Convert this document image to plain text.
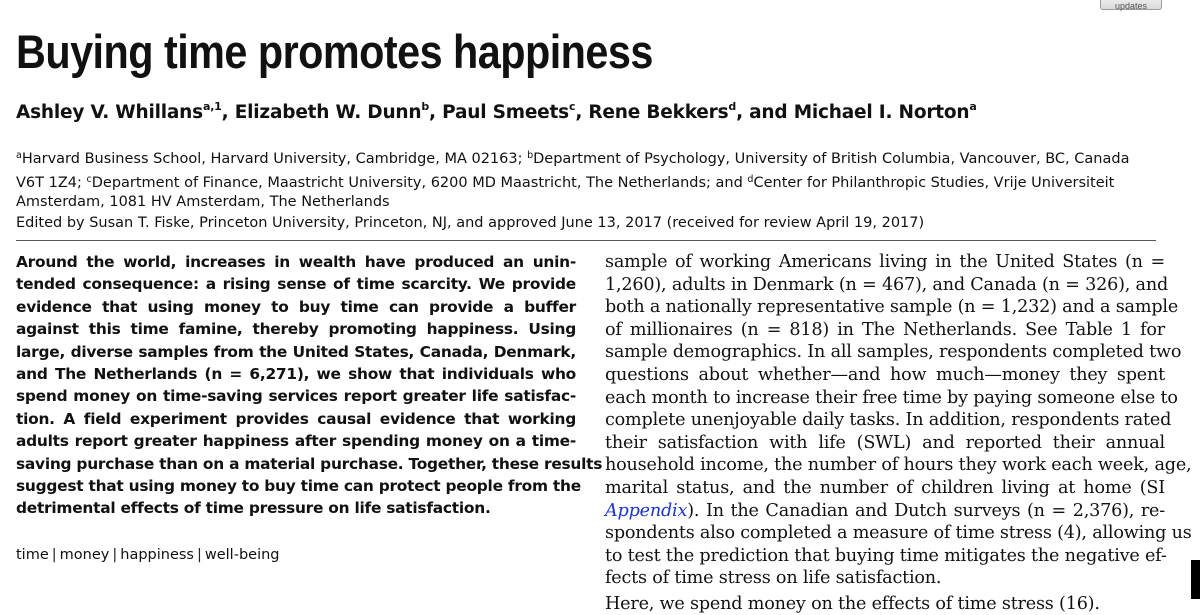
updates
Buying time promotes happiness
Ashley V. Whillans$^{a,1}$, Elizabeth W. Dunn$^b$, Paul Smeets$^c$, Rene Bekkers$^d$, and Michael I. Norton$^a$
$^a$Harvard Business School, Harvard University, Cambridge, MA 02163; $^b$Department of Psychology, University of British Columbia, Vancouver, BC, Canada V6T 1Z4; $^c$Department of Finance, Maastricht University, 6200 MD Maastricht, The Netherlands; and $^d$Center for Philanthropic Studies, Vrije Universiteit Amsterdam, 1081 HV Amsterdam, The Netherlands
Edited by Susan T. Fiske, Princeton University, Princeton, NJ, and approved June 13, 2017 (received for review April 19, 2017)
Around the world, increases in wealth have produced an unin-
tended consequence: a rising sense of time scarcity. We provide
evidence that using money to buy time can provide a buffer
against this time famine, thereby promoting happiness. Using
large, diverse samples from the United States, Canada, Denmark,
and The Netherlands (n = 6,271), we show that individuals who
spend money on time-saving services report greater life satisfac-
tion. A field experiment provides causal evidence that working
adults report greater happiness after spending money on a time-
saving purchase than on a material purchase. Together, these results
suggest that using money to buy time can protect people from the
detrimental effects of time pressure on life satisfaction.
time | money | happiness | well-being
sample of working Americans living in the United States (n =
1,260), adults in Denmark (n = 467), and Canada (n = 326), and
both a nationally representative sample (n = 1,232) and a sample
of millionaires (n = 818) in The Netherlands. See Table 1 for
sample demographics. In all samples, respondents completed two
questions about whether—and how much—money they spent
each month to increase their free time by paying someone else to
complete unenjoyable daily tasks. In addition, respondents rated
their satisfaction with life (SWL) and reported their annual
household income, the number of hours they work each week, age,
marital status, and the number of children living at home (SI
Appendix). In the Canadian and Dutch surveys (n = 2,376), re-
spondents also completed a measure of time stress (4), allowing us
to test the prediction that buying time mitigates the negative ef-
fects of time stress on life satisfaction.
Here, we spend money on the effects of time stress (16).
